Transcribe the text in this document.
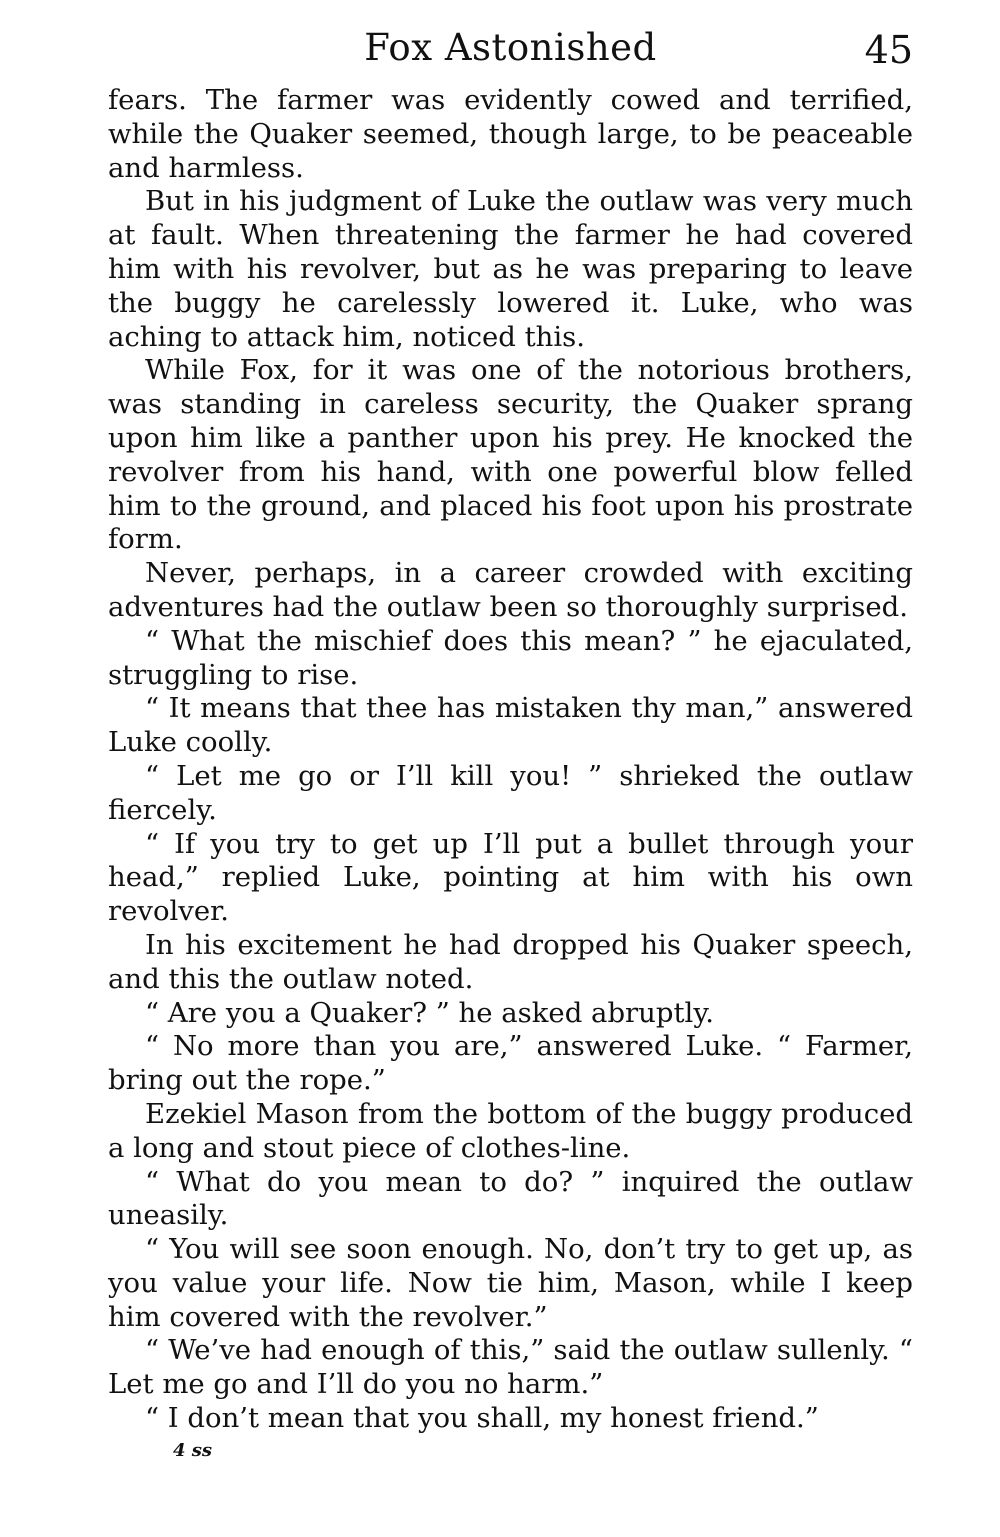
Fox Astonished	45

fears. The farmer was evidently cowed and terrified, while the Quaker seemed, though large, to be peaceable and harmless.

But in his judgment of Luke the outlaw was very much at fault. When threatening the farmer he had covered him with his revolver, but as he was preparing to leave the buggy he carelessly lowered it. Luke, who was aching to attack him, noticed this.

While Fox, for it was one of the notorious brothers, was standing in careless security, the Quaker sprang upon him like a panther upon his prey. He knocked the revolver from his hand, with one powerful blow felled him to the ground, and placed his foot upon his prostrate form.

Never, perhaps, in a career crowded with exciting adventures had the outlaw been so thoroughly surprised.

“ What the mischief does this mean? ” he ejaculated, struggling to rise.

“ It means that thee has mistaken thy man,” answered Luke coolly.

“ Let me go or I’ll kill you! ” shrieked the outlaw fiercely.

“ If you try to get up I’ll put a bullet through your head,” replied Luke, pointing at him with his own revolver.

In his excitement he had dropped his Quaker speech, and this the outlaw noted.

“ Are you a Quaker? ” he asked abruptly.

“ No more than you are,” answered Luke. “ Farmer, bring out the rope.”

Ezekiel Mason from the bottom of the buggy produced a long and stout piece of clothes-line.

“ What do you mean to do? ” inquired the outlaw uneasily.

“ You will see soon enough. No, don’t try to get up, as you value your life. Now tie him, Mason, while I keep him covered with the revolver.”

“ We’ve had enough of this,” said the outlaw sullenly. “ Let me go and I’ll do you no harm.”

“ I don’t mean that you shall, my honest friend.”

4 ss
